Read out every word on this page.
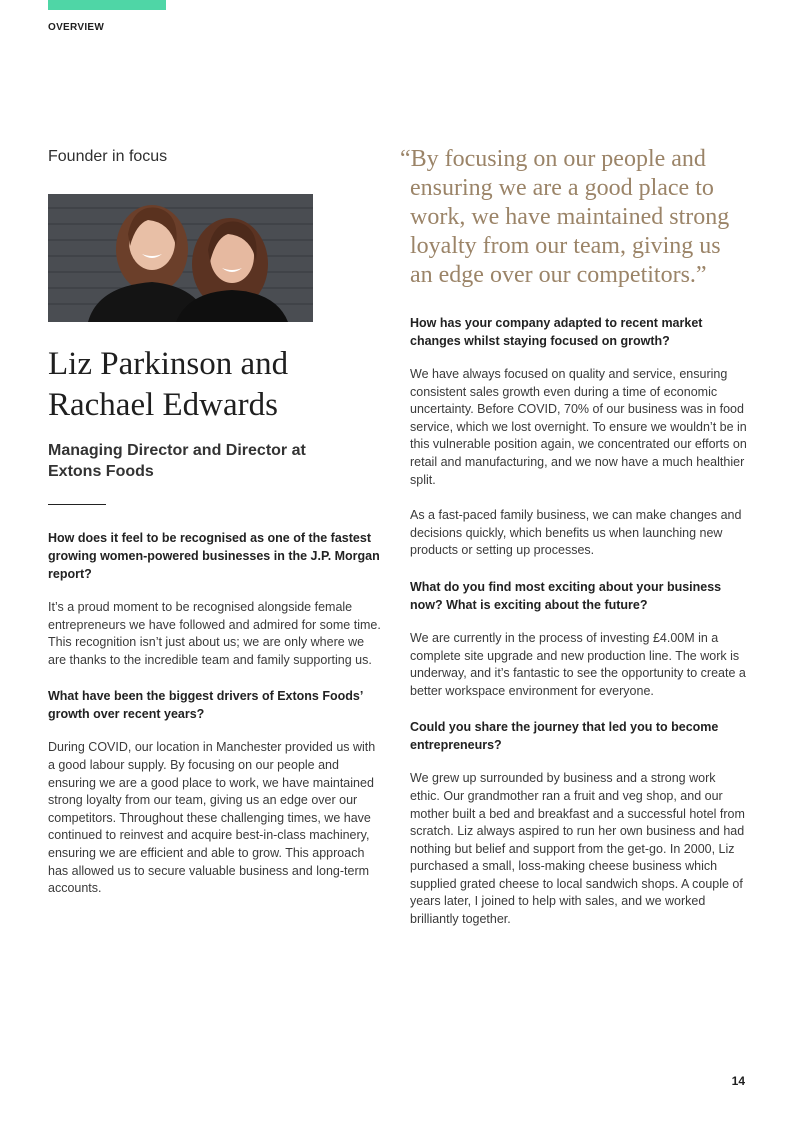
OVERVIEW

Founder in focus

Liz Parkinson and
Rachael Edwards

Managing Director and Director at
Extons Foods

How does it feel to be recognised as one of the fastest growing women-powered businesses in the J.P. Morgan report?

It’s a proud moment to be recognised alongside female entrepreneurs we have followed and admired for some time. This recognition isn’t just about us; we are only where we are thanks to the incredible team and family supporting us.

What have been the biggest drivers of Extons Foods’ growth over recent years?

During COVID, our location in Manchester provided us with a good labour supply. By focusing on our people and ensuring we are a good place to work, we have maintained strong loyalty from our team, giving us an edge over our competitors. Throughout these challenging times, we have continued to reinvest and acquire best-in-class machinery, ensuring we are efficient and able to grow. This approach has allowed us to secure valuable business and long-term accounts.

“By focusing on our people and ensuring we are a good place to work, we have maintained strong loyalty from our team, giving us an edge over our competitors.”

How has your company adapted to recent market changes whilst staying focused on growth?

We have always focused on quality and service, ensuring consistent sales growth even during a time of economic uncertainty. Before COVID, 70% of our business was in food service, which we lost overnight. To ensure we wouldn’t be in this vulnerable position again, we concentrated our efforts on retail and manufacturing, and we now have a much healthier split.

As a fast-paced family business, we can make changes and decisions quickly, which benefits us when launching new products or setting up processes.

What do you find most exciting about your business now? What is exciting about the future?

We are currently in the process of investing £4.00M in a complete site upgrade and new production line. The work is underway, and it’s fantastic to see the opportunity to create a better workspace environment for everyone.

Could you share the journey that led you to become entrepreneurs?

We grew up surrounded by business and a strong work ethic. Our grandmother ran a fruit and veg shop, and our mother built a bed and breakfast and a successful hotel from scratch. Liz always aspired to run her own business and had nothing but belief and support from the get-go. In 2000, Liz purchased a small, loss-making cheese business which supplied grated cheese to local sandwich shops. A couple of years later, I joined to help with sales, and we worked brilliantly together.

14
